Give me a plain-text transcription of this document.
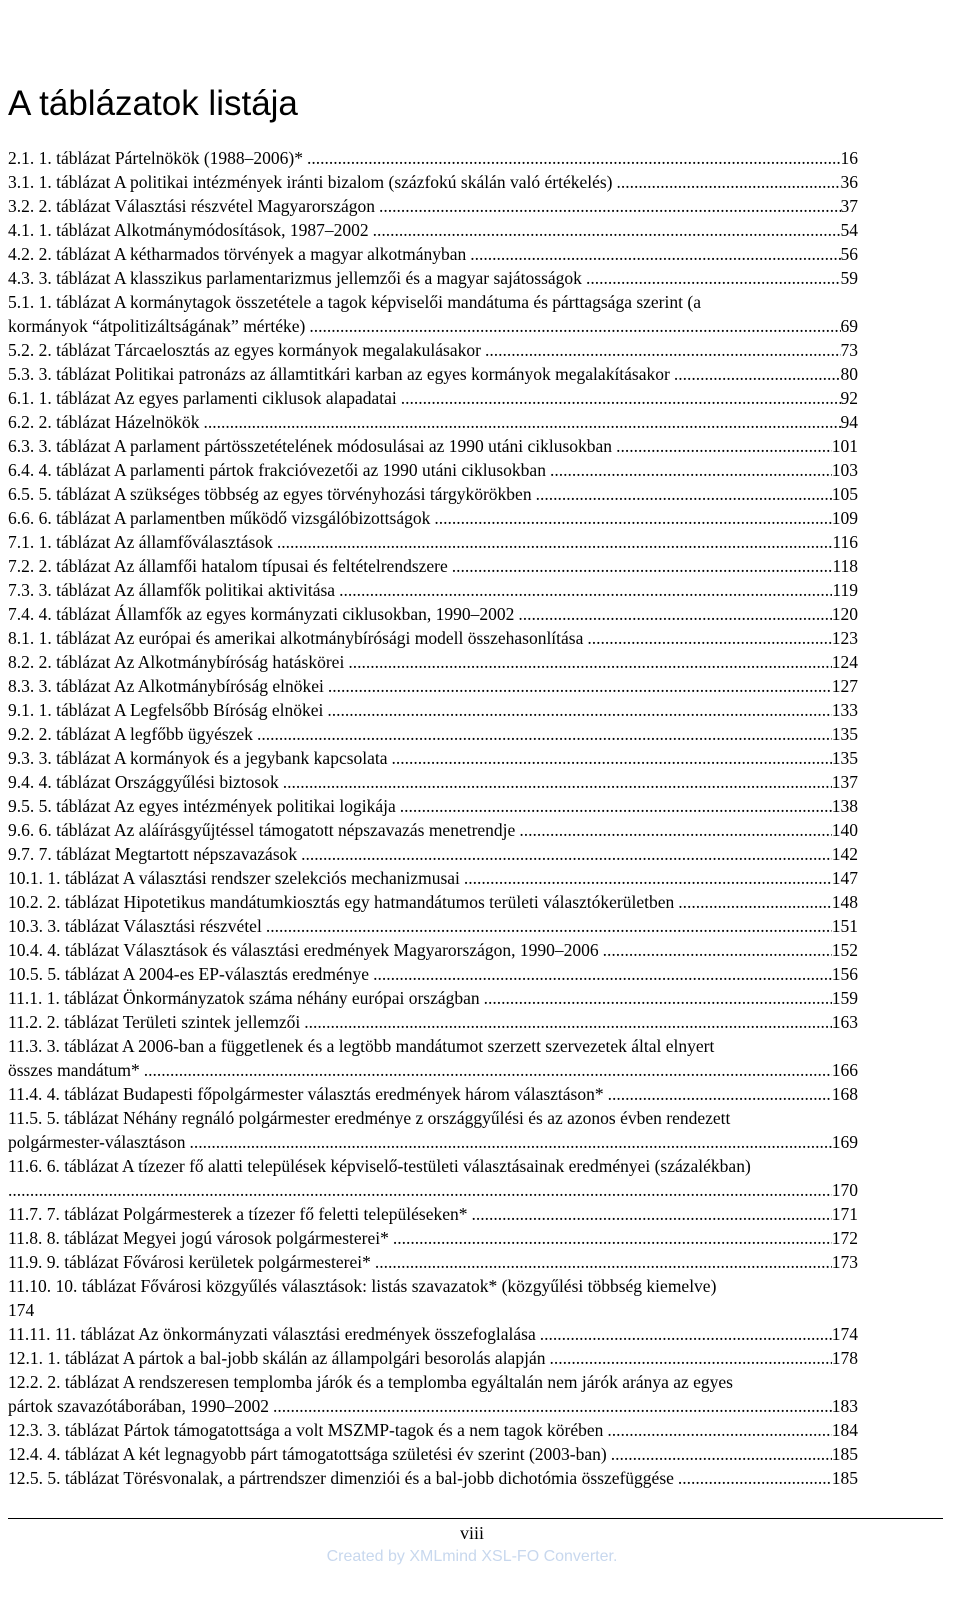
A táblázatok listája
2.1. 1. táblázat Pártelnökök (1988–2006)* .....	16
3.1. 1. táblázat A politikai intézmények iránti bizalom (százfokú skálán való értékelés) .....	36
3.2. 2. táblázat Választási részvétel Magyarországon .....	37
4.1. 1. táblázat Alkotmánymódosítások, 1987–2002 .....	54
4.2. 2. táblázat A kétharmados törvények a magyar alkotmányban .....	56
4.3. 3. táblázat A klasszikus parlamentarizmus jellemzői és a magyar sajátosságok .....	59
5.1. 1. táblázat A kormánytagok összetétele a tagok képviselői mandátuma és párttagsága szerint (a
kormányok “átpolitizáltságának” mértéke) .....	69
5.2. 2. táblázat Tárcaelosztás az egyes kormányok megalakulásakor .....	73
5.3. 3. táblázat Politikai patronázs az államtitkári karban az egyes kormányok megalakításakor .....	80
6.1. 1. táblázat Az egyes parlamenti ciklusok alapadatai .....	92
6.2. 2. táblázat Házelnökök .....	94
6.3. 3. táblázat A parlament pártösszetételének módosulásai az 1990 utáni ciklusokban .....	101
6.4. 4. táblázat A parlamenti pártok frakcióvezetői az 1990 utáni ciklusokban .....	103
6.5. 5. táblázat A szükséges többség az egyes törvényhozási tárgykörökben .....	105
6.6. 6. táblázat A parlamentben működő vizsgálóbizottságok .....	109
7.1. 1. táblázat Az államfőválasztások .....	116
7.2. 2. táblázat Az államfői hatalom típusai és feltételrendszere .....	118
7.3. 3. táblázat Az államfők politikai aktivitása .....	119
7.4. 4. táblázat Államfők az egyes kormányzati ciklusokban, 1990–2002 .....	120
8.1. 1. táblázat Az európai és amerikai alkotmánybírósági modell összehasonlítása .....	123
8.2. 2. táblázat Az Alkotmánybíróság hatáskörei .....	124
8.3. 3. táblázat Az Alkotmánybíróság elnökei .....	127
9.1. 1. táblázat A Legfelsőbb Bíróság elnökei .....	133
9.2. 2. táblázat A legfőbb ügyészek .....	135
9.3. 3. táblázat A kormányok és a jegybank kapcsolata .....	135
9.4. 4. táblázat Országgyűlési biztosok .....	137
9.5. 5. táblázat Az egyes intézmények politikai logikája .....	138
9.6. 6. táblázat Az aláírásgyűjtéssel támogatott népszavazás menetrendje .....	140
9.7. 7. táblázat Megtartott népszavazások .....	142
10.1. 1. táblázat A választási rendszer szelekciós mechanizmusai .....	147
10.2. 2. táblázat Hipotetikus mandátumkiosztás egy hatmandátumos területi választókerületben .....	148
10.3. 3. táblázat Választási részvétel .....	151
10.4. 4. táblázat Választások és választási eredmények Magyarországon, 1990–2006 .....	152
10.5. 5. táblázat A 2004-es EP-választás eredménye .....	156
11.1. 1. táblázat Önkormányzatok száma néhány európai országban .....	159
11.2. 2. táblázat Területi szintek jellemzői .....	163
11.3. 3. táblázat A 2006-ban a függetlenek és a legtöbb mandátumot szerzett szervezetek által elnyert
összes mandátum* .....	166
11.4. 4. táblázat Budapesti főpolgármester választás eredmények három választáson* .....	168
11.5. 5. táblázat Néhány regnáló polgármester eredménye z országgyűlési és az azonos évben rendezett
polgármester-választáson .....	169
11.6. 6. táblázat A tízezer fő alatti települések képviselő-testületi választásainak eredményei (százalékban)
.....
170
11.7. 7. táblázat Polgármesterek a tízezer fő feletti településeken* .....	171
11.8. 8. táblázat Megyei jogú városok polgármesterei* .....	172
11.9. 9. táblázat Fővárosi kerületek polgármesterei* .....	173
11.10. 10. táblázat Fővárosi közgyűlés választások: listás szavazatok* (közgyűlési többség kiemelve)
174
11.11. 11. táblázat Az önkormányzati választási eredmények összefoglalása .....	174
12.1. 1. táblázat A pártok a bal-jobb skálán az állampolgári besorolás alapján .....	178
12.2. 2. táblázat A rendszeresen templomba járók és a templomba egyáltalán nem járók aránya az egyes
pártok szavazótáborában, 1990–2002 .....	183
12.3. 3. táblázat Pártok támogatottsága a volt MSZMP-tagok és a nem tagok körében .....	184
12.4. 4. táblázat A két legnagyobb párt támogatottsága születési év szerint (2003-ban) .....	185
12.5. 5. táblázat Törésvonalak, a pártrendszer dimenziói és a bal-jobb dichotómia összefüggése .....	185
viii
Created by XMLmind XSL-FO Converter.
